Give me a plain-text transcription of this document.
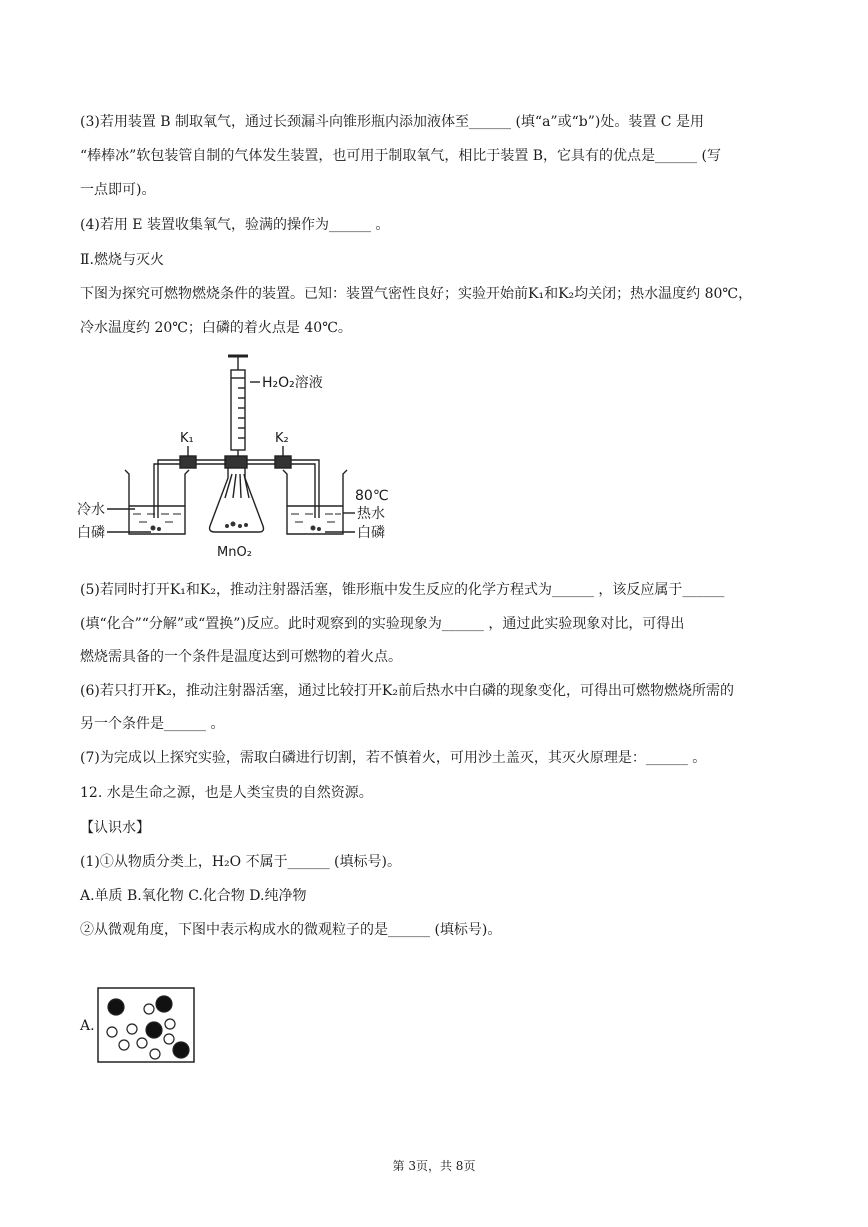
(3)若用装置 B 制取氧气，通过长颈漏斗向锥形瓶内添加液体至______ (填“a”或“b”)处。装置 C 是用
“棒棒冰”软包装管自制的气体发生装置，也可用于制取氧气，相比于装置 B，它具有的优点是______ (写
一点即可)。
(4)若用 E 装置收集氧气，验满的操作为______ 。
Ⅱ.燃烧与灭火
下图为探究可燃物燃烧条件的装置。已知：装置气密性良好；实验开始前K₁和K₂均关闭；热水温度约 80℃，
冷水温度约 20℃；白磷的着火点是 40℃。
H₂O₂溶液
K₁	K₂
冷水
白磷
MnO₂
80℃
热水
白磷
(5)若同时打开K₁和K₂，推动注射器活塞，锥形瓶中发生反应的化学方程式为______ ，该反应属于______
(填“化合”“分解”或“置换”)反应。此时观察到的实验现象为______ ，通过此实验现象对比，可得出
燃烧需具备的一个条件是温度达到可燃物的着火点。
(6)若只打开K₂，推动注射器活塞，通过比较打开K₂前后热水中白磷的现象变化，可得出可燃物燃烧所需的
另一个条件是______ 。
(7)为完成以上探究实验，需取白磷进行切割，若不慎着火，可用沙土盖灭，其灭火原理是：______ 。
12. 水是生命之源，也是人类宝贵的自然资源。
【认识水】
(1)①从物质分类上，H₂O 不属于______ (填标号)。
A.单质 B.氧化物 C.化合物 D.纯净物
②从微观角度，下图中表示构成水的微观粒子的是______ (填标号)。
A.
第 3页，共 8页
